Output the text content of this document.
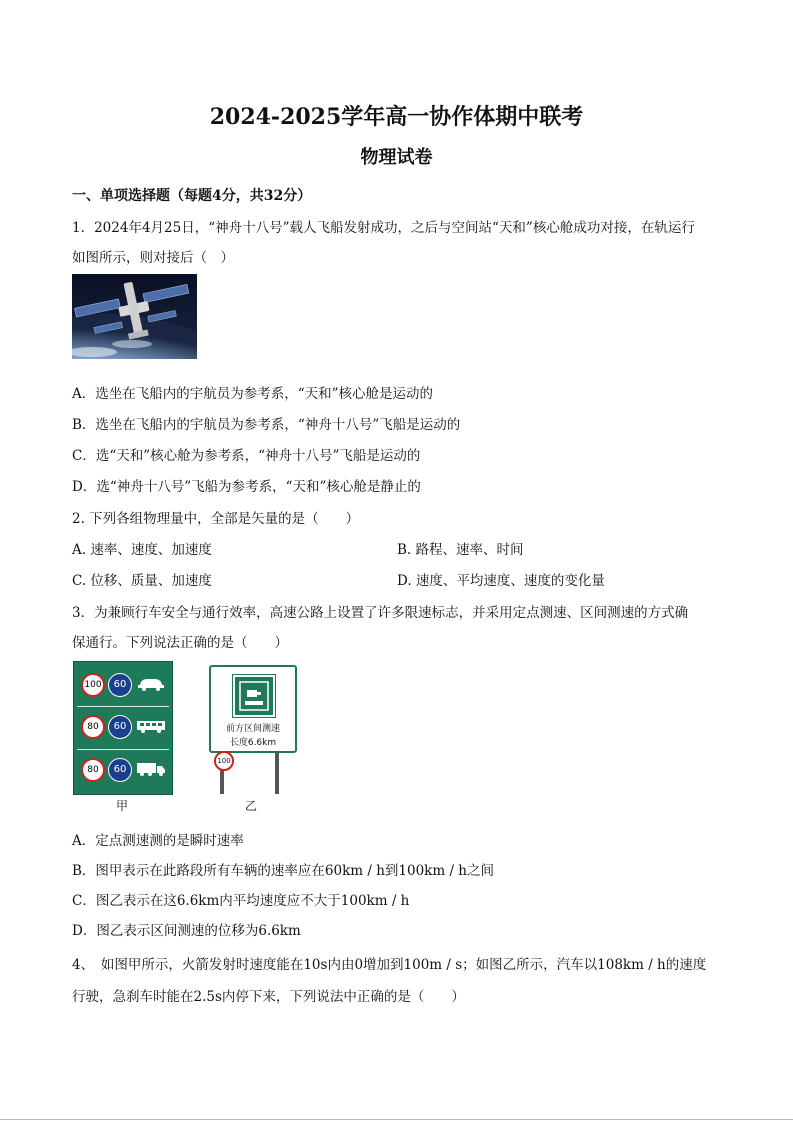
2024-2025学年高一协作体期中联考
物理试卷
一、单项选择题（每题4分，共32分）
1．2024年4月25日，“神舟十八号”载人飞船发射成功，之后与空间站“天和”核心舱成功对接，在轨运行
如图所示，则对接后（　）
A．选坐在飞船内的宇航员为参考系，“天和”核心舱是运动的
B．选坐在飞船内的宇航员为参考系，“神舟十八号”飞船是运动的
C．选“天和”核心舱为参考系，“神舟十八号”飞船是运动的
D．选“神舟十八号”飞船为参考系，“天和”核心舱是静止的
2. 下列各组物理量中，全部是矢量的是（　　）
A. 速率、速度、加速度	B. 路程、速率、时间
C. 位移、质量、加速度	D. 速度、平均速度、速度的变化量
3．为兼顾行车安全与通行效率，高速公路上设置了许多限速标志，并采用定点测速、区间测速的方式确
保通行。下列说法正确的是（　　）
100	60
80	60
80	60
前方区间测速
长度6.6km
100
甲	乙
A．定点测速测的是瞬时速率
B．图甲表示在此路段所有车辆的速率应在60km / h到100km / h之间
C．图乙表示在这6.6km内平均速度应不大于100km / h
D．图乙表示区间测速的位移为6.6km
4、　如图甲所示，火箭发射时速度能在10s内由0增加到100m / s；如图乙所示，汽车以108km / h的速度
行驶，急刹车时能在2.5s内停下来，下列说法中正确的是（　　）
